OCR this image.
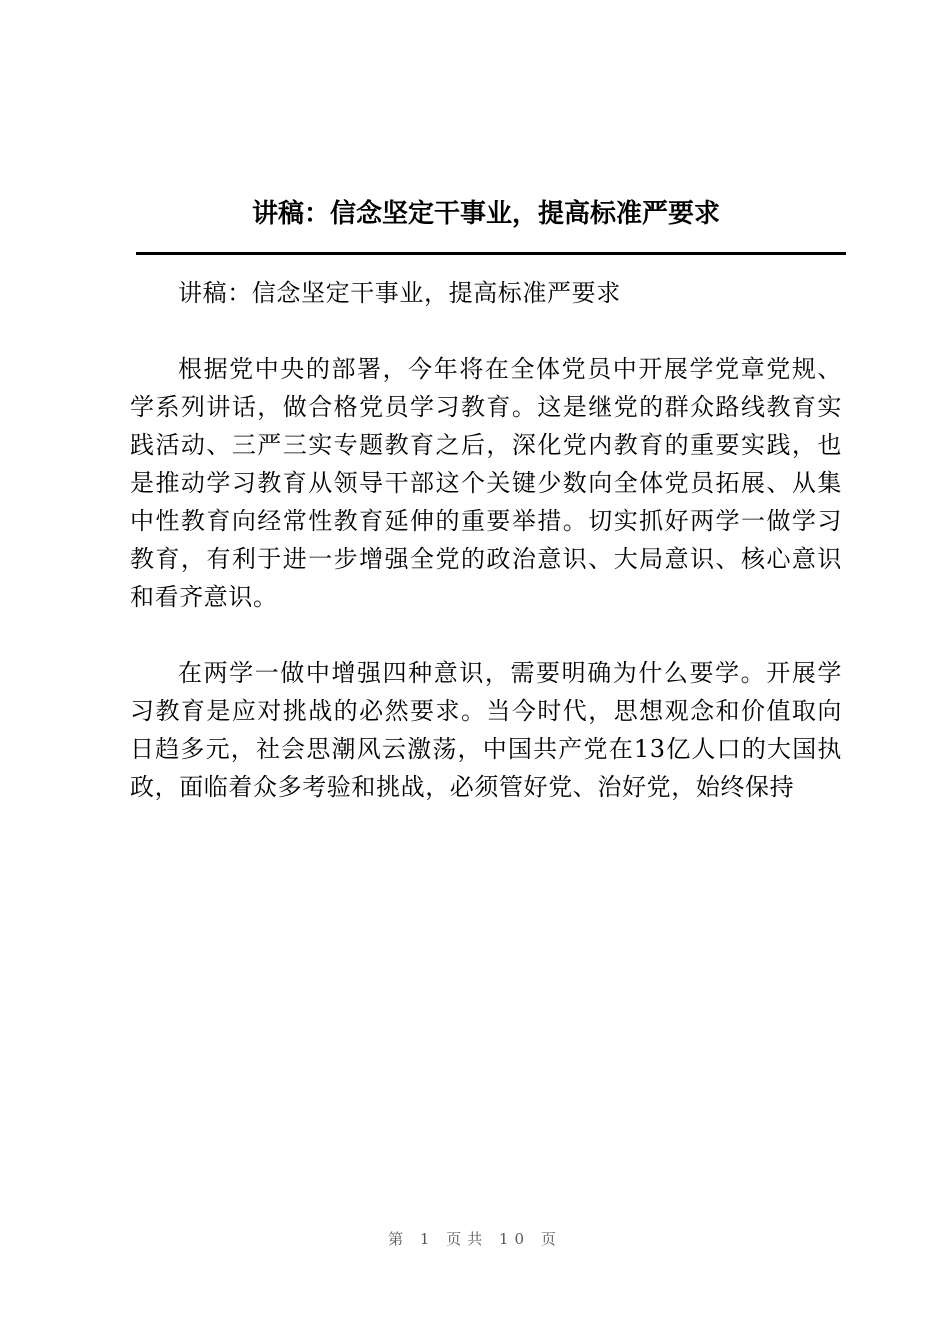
讲稿：信念坚定干事业，提高标准严要求

讲稿：信念坚定干事业，提高标准严要求

根据党中央的部署，今年将在全体党员中开展学党章党规、学系列讲话，做合格党员学习教育。这是继党的群众路线教育实践活动、三严三实专题教育之后，深化党内教育的重要实践，也是推动学习教育从领导干部这个关键少数向全体党员拓展、从集中性教育向经常性教育延伸的重要举措。切实抓好两学一做学习教育，有利于进一步增强全党的政治意识、大局意识、核心意识和看齐意识。

在两学一做中增强四种意识，需要明确为什么要学。开展学习教育是应对挑战的必然要求。当今时代，思想观念和价值取向日趋多元，社会思潮风云激荡，中国共产党在13亿人口的大国执政，面临着众多考验和挑战，必须管好党、治好党，始终保持

第 1 页共 10 页
